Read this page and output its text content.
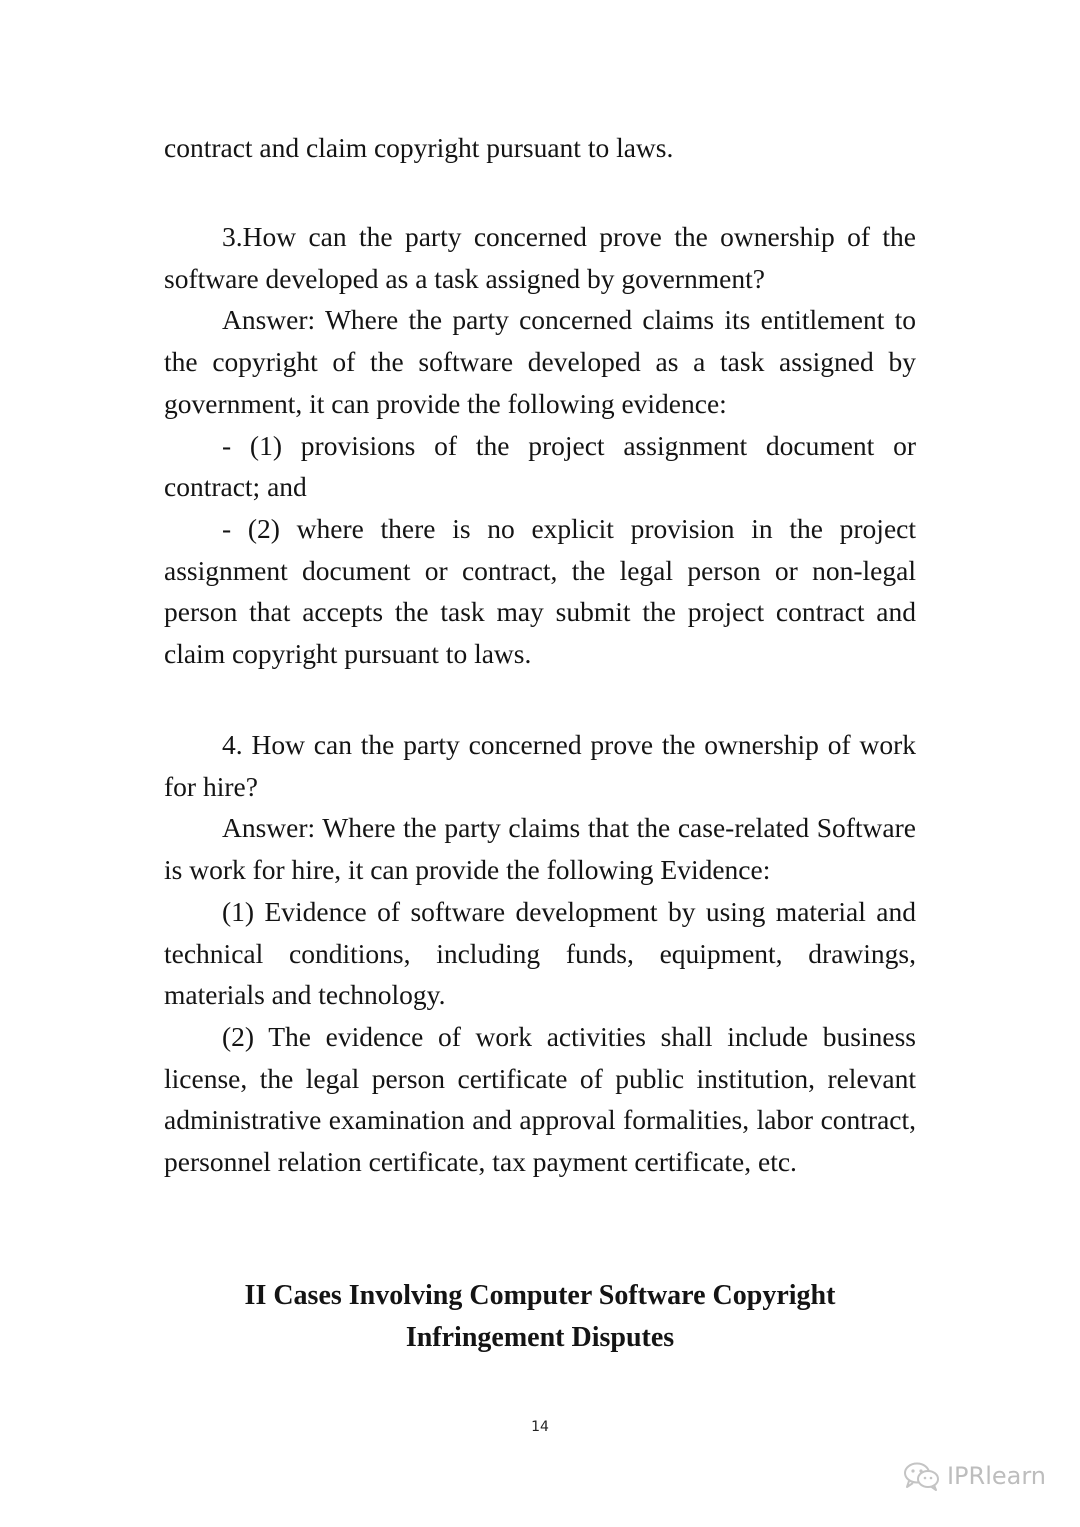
contract and claim copyright pursuant to laws.

3.How can the party concerned prove the ownership of the software developed as a task assigned by government?

Answer: Where the party concerned claims its entitlement to the copyright of the software developed as a task assigned by government, it can provide the following evidence:

- (1) provisions of the project assignment document or contract; and

- (2) where there is no explicit provision in the project assignment document or contract, the legal person or non-legal person that accepts the task may submit the project contract and claim copyright pursuant to laws.

4. How can the party concerned prove the ownership of work for hire?

Answer: Where the party claims that the case-related Software is work for hire, it can provide the following Evidence:

(1) Evidence of software development by using material and technical conditions, including funds, equipment, drawings, materials and technology.

(2) The evidence of work activities shall include business license, the legal person certificate of public institution, relevant administrative examination and approval formalities, labor contract, personnel relation certificate, tax payment certificate, etc.

II Cases Involving Computer Software Copyright
Infringement Disputes
14
IPRlearn
